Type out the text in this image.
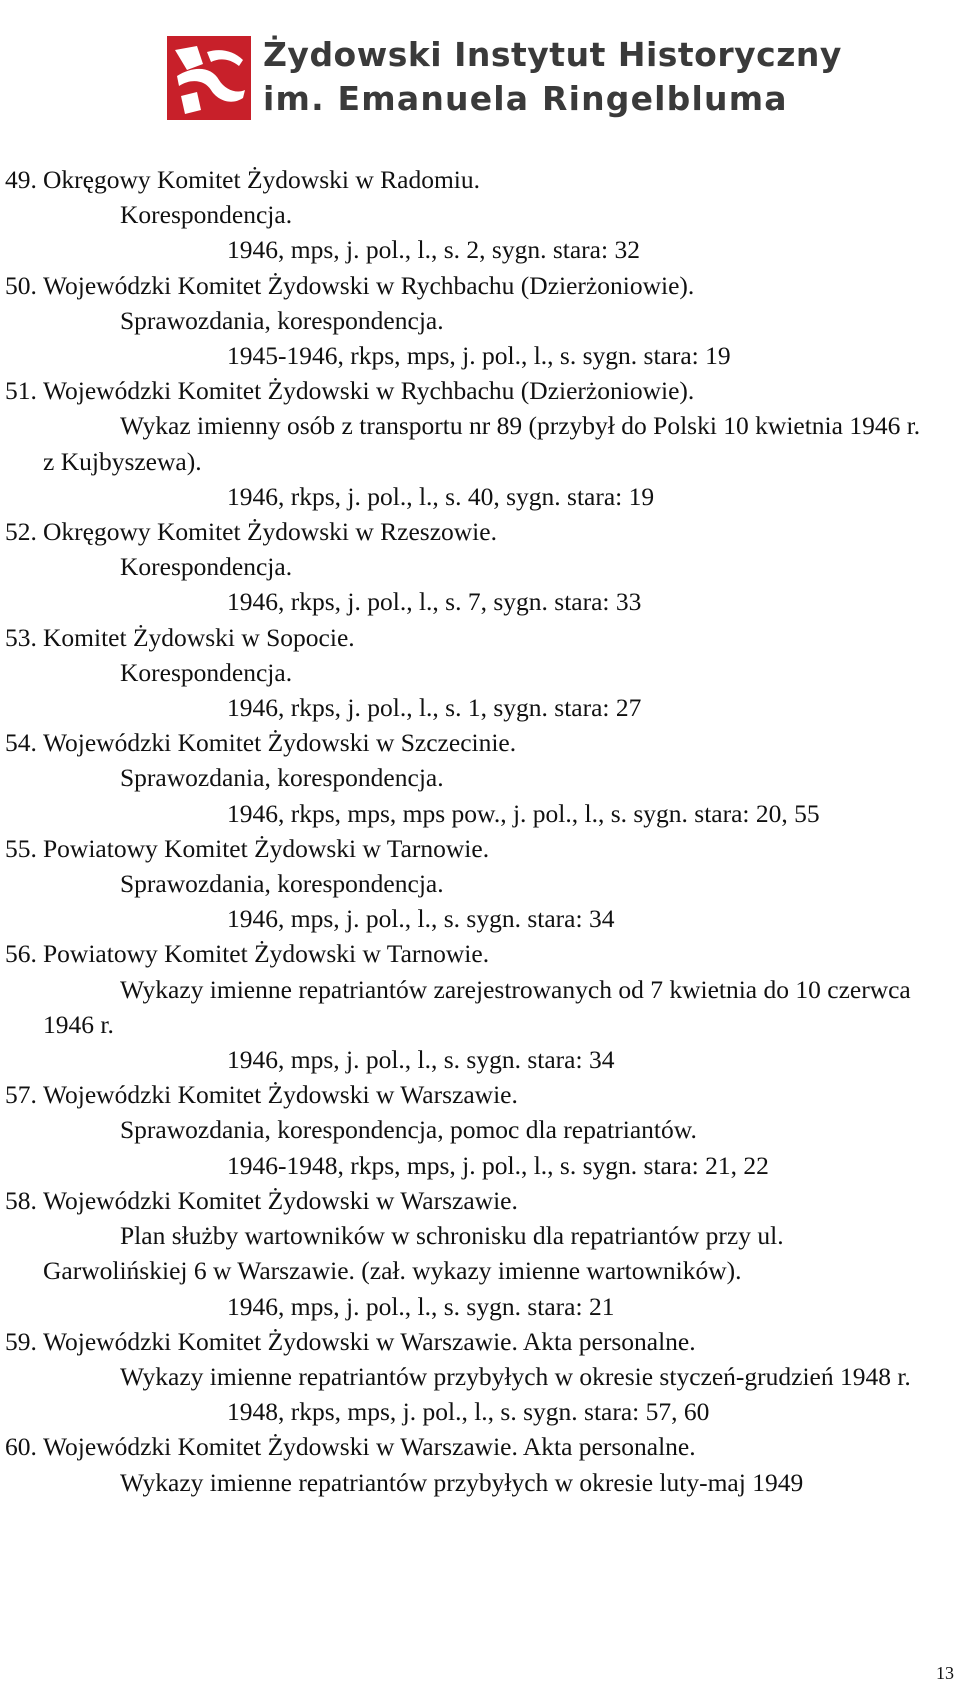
Żydowski Instytut Historyczny
im. Emanuela Ringelbluma
49. Okręgowy Komitet Żydowski w Radomiu.
Korespondencja.
1946, mps, j. pol., l., s. 2, sygn. stara: 32
50. Wojewódzki Komitet Żydowski w Rychbachu (Dzierżoniowie).
Sprawozdania, korespondencja.
1945-1946, rkps, mps, j. pol., l., s. sygn. stara: 19
51. Wojewódzki Komitet Żydowski w Rychbachu (Dzierżoniowie).
Wykaz imienny osób z transportu nr 89 (przybył do Polski 10 kwietnia 1946 r. z Kujbyszewa).
1946, rkps, j. pol., l., s. 40, sygn. stara: 19
52. Okręgowy Komitet Żydowski w Rzeszowie.
Korespondencja.
1946, rkps, j. pol., l., s. 7, sygn. stara: 33
53. Komitet Żydowski w Sopocie.
Korespondencja.
1946, rkps, j. pol., l., s. 1, sygn. stara: 27
54. Wojewódzki Komitet Żydowski w Szczecinie.
Sprawozdania, korespondencja.
1946, rkps, mps, mps pow., j. pol., l., s. sygn. stara: 20, 55
55. Powiatowy Komitet Żydowski w Tarnowie.
Sprawozdania, korespondencja.
1946, mps, j. pol., l., s. sygn. stara: 34
56. Powiatowy Komitet Żydowski w Tarnowie.
Wykazy imienne repatriantów zarejestrowanych od 7 kwietnia do 10 czerwca 1946 r.
1946, mps, j. pol., l., s. sygn. stara: 34
57. Wojewódzki Komitet Żydowski w Warszawie.
Sprawozdania, korespondencja, pomoc dla repatriantów.
1946-1948, rkps, mps, j. pol., l., s. sygn. stara: 21, 22
58. Wojewódzki Komitet Żydowski w Warszawie.
Plan służby wartowników w schronisku dla repatriantów przy ul. Garwolińskiej 6 w Warszawie. (zał. wykazy imienne wartowników).
1946, mps, j. pol., l., s. sygn. stara: 21
59. Wojewódzki Komitet Żydowski w Warszawie. Akta personalne.
Wykazy imienne repatriantów przybyłych w okresie styczeń-grudzień 1948 r.
1948, rkps, mps, j. pol., l., s. sygn. stara: 57, 60
60. Wojewódzki Komitet Żydowski w Warszawie. Akta personalne.
Wykazy imienne repatriantów przybyłych w okresie luty-maj 1949
13
